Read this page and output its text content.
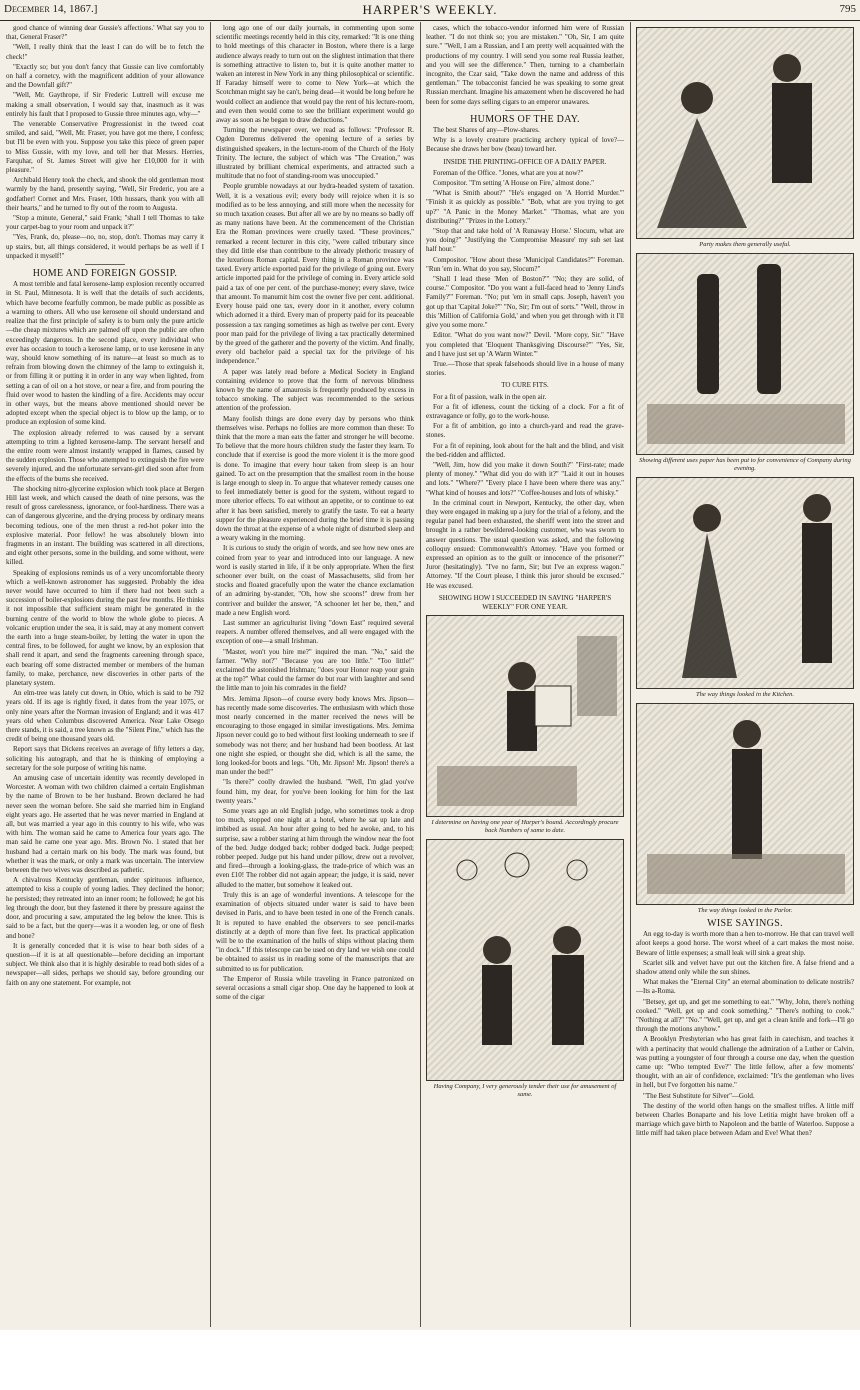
December 14, 1867.]	HARPER'S WEEKLY.	795

good chance of winning dear Gussie's affections.' What say you to that, General Fraser?"

"Well, I really think that the least I can do will be to fetch the check!"

"Exactly so; but you don't fancy that Gussie can live comfortably on half a cornetcy, with the magnificent addition of your allowance and the Downfall gift?"

"Well, Mr. Gaythrope, if Sir Frederic Luttrell will excuse me making a small observation, I would say that, inasmuch as it was entirely his fault that I proposed to Gussie three minutes ago, why—"

The venerable Conservative Progressionist in the tweed coat smiled, and said, "Well, Mr. Fraser, you have got me there, I confess; but I'll be even with you. Suppose you take this piece of green paper to Miss Gussie, with my love, and tell her that Messrs. Herries, Farquhar, of St. James Street will give her £10,000 for it with pleasure."

Archibald Henry took the check, and shook the old gentleman most warmly by the hand, presently saying, "Well, Sir Frederic, you are a godfather! Cornet and Mrs. Fraser, 10th hussars, thank you with all their hearts," and he turned to fly out of the room to Augusta.

"Stop a minute, General," said Frank; "shall I tell Thomas to take your carpet-bag to your room and unpack it?"

"Yes, Frank, do, please—no, no, stop, don't. Thomas may carry it up stairs, but, all things considered, it would perhaps be as well if I unpacked it myself!"

HOME AND FOREIGN GOSSIP.

A most terrible and fatal kerosene-lamp explosion recently occurred in St. Paul, Minnesota. It is well that the details of such accidents, which have become fearfully common, be made public as possible as a warning to others. All who use kerosene oil should understand and realize that the first principle of safety is to burn only the pure article—the cheap mixtures which are palmed off upon the public are often exceedingly dangerous. In the second place, every individual who ever has occasion to touch a kerosene lamp, or to use kerosene in any way, should know something of its nature—at least so much as to refrain from blowing down the chimney of the lamp to extinguish it, or from filling it or putting it in order in any way when lighted, from setting a can of oil on a hot stove, or near a fire, and from pouring the fluid over wood to hasten the kindling of a fire. Accidents may occur in other ways, but the means above mentioned should never be adopted except when the special object is to blow up the lamp, or to produce an explosion of some kind.

The explosion already referred to was caused by a servant attempting to trim a lighted kerosene-lamp. The servant herself and the entire room were almost instantly wrapped in flames, caused by the sudden explosion. Those who attempted to extinguish the fire were severely injured, and the unfortunate servant-girl died soon after from the effects of the burns she received.

The shocking nitro-glycerine explosion which took place at Bergen Hill last week, and which caused the death of nine persons, was the result of gross carelessness, ignorance, or fool-hardiness. There was a can of dangerous glycerine, and the drying process by ordinary means becoming tedious, one of the men thrust a red-hot poker into the explosive material. Poor fellow! he was absolutely blown into fragments in an instant. The building was scattered in all directions, and eight other persons, some in the building, and some without, were killed.

Speaking of explosions reminds us of a very uncomfortable theory which a well-known astronomer has suggested. Probably the idea never would have occurred to him if there had not been such a succession of boiler-explosions during the past few months. He thinks it not impossible that sufficient steam might be generated in the burning centre of the world to blow the whole globe to pieces. A volcanic eruption under the sea, it is said, may at any moment convert the earth into a huge steam-boiler, by letting the water in upon the central fires, to be followed, for aught we know, by an explosion that shall rend it apart, and send the fragments careening through space, each bearing off some distracted member or members of the human family, to make, perchance, new discoveries in other parts of the planetary system.

An elm-tree was lately cut down, in Ohio, which is said to be 792 years old. If its age is rightly fixed, it dates from the year 1075, or only nine years after the Norman invasion of England; and it was 417 years old when Columbus discovered America. Near Lake Otsego there stands, it is said, a tree known as the "Silent Pine," which has the credit of being one thousand years old.

Report says that Dickens receives an average of fifty letters a day, soliciting his autograph, and that he is thinking of employing a secretary for the sole purpose of writing his name.

An amusing case of uncertain identity was recently developed in Worcester. A woman with two children claimed a certain Englishman by the name of Brown to be her husband. Brown declared he had never seen the woman before. She said she married him in England eight years ago. He asserted that he was never married in England at all, but was married a year ago in this country to his wife, who was with him. The woman said he came to America four years ago. The man said he came one year ago. Mrs. Brown No. 1 stated that her husband had a certain mark on his body. The mark was found, but whether it was the mark, or only a mark was uncertain. The interview between the two wives was described as pathetic.

A chivalrous Kentucky gentleman, under spirituous influence, attempted to kiss a couple of young ladies. They declined the honor; he persisted; they retreated into an inner room; he followed; he got his leg through the door, but they fastened it there by pressure against the door, and procuring a saw, amputated the leg below the knee. This is said to be a fact, but the query—was it a wooden leg, or one of flesh and bone?

It is generally conceded that it is wise to hear both sides of a question—if it is at all questionable—before deciding an important subject. We think also that it is highly desirable to read both sides of a newspaper—all sides, perhaps we should say, before grounding our faith on any one statement. For example, not

long ago one of our daily journals, in commenting upon some scientific meetings recently held in this city, remarked: "It is one thing to hold meetings of this character in Boston, where there is a large audience always ready to turn out on the slightest intimation that there is something attractive to listen to, but it is quite another matter to waken an interest in New York in any thing philosophical or scientific. If Faraday himself were to come to New York—at which the Scotchman might say he can't, being dead—it would be long before he would collect an audience that would pay the rent of his lecture-room, and even then would come to see the brilliant experiment would go away as soon as he began to draw deductions."

Turning the newspaper over, we read as follows: "Professor R. Ogden Doremus delivered the opening lecture of a series by distinguished speakers, in the lecture-room of the Church of the Holy Trinity. The lecture, the subject of which was "The Creation," was illustrated by brilliant chemical experiments, and attracted such a multitude that no foot of standing-room was unoccupied."

People grumble nowadays at our hydra-headed system of taxation. Well, it is a vexatious evil; every body will rejoice when it is so modified as to be less annoying, and still more when the necessity for so much taxation ceases. But after all we are by no means so badly off as many nations have been. At the commencement of the Christian Era the Roman provinces were cruelly taxed. "These provinces," remarked a recent lecturer in this city, "were called tributary since they did little else than contribute to the already plethoric treasury of the luxurious Roman capital. Every thing in a Roman province was taxed. Every article exported paid for the privilege of going out. Every article imported paid for the privilege of coming in. Every article sold paid a tax of one per cent. of the purchase-money; every slave, twice that amount. To manumit him cost the owner five per cent. additional. Every house paid one tax, every door in it another, every column which adorned it a third. Every man of property paid for its peaceable possession a tax ranging sometimes as high as twelve per cent. Every poor man paid for the privilege of living a tax practically determined by the greed of the gatherer and the poverty of the victim. And finally, every old bachelor paid a special tax for the privilege of his independence."

A paper was lately read before a Medical Society in England containing evidence to prove that the form of nervous blindness known by the name of amaurosis is frequently produced by excess in tobacco smoking. The subject was recommended to the serious attention of the profession.

Many foolish things are done every day by persons who think themselves wise. Perhaps no follies are more common than these: To think that the more a man eats the fatter and stronger he will become. To believe that the more hours children study the faster they learn. To conclude that if exercise is good the more violent it is the more good is done. To imagine that every hour taken from sleep is an hour gained. To act on the presumption that the smallest room in the house is large enough to sleep in. To argue that whatever remedy causes one to feel immediately better is good for the system, without regard to more ulterior effects. To eat without an appetite, or to continue to eat after it has been satisfied, merely to gratify the taste. To eat a hearty supper for the pleasure experienced during the brief time it is passing down the throat at the expense of a whole night of disturbed sleep and a weary waking in the morning.

It is curious to study the origin of words, and see how new ones are coined from year to year and introduced into our language. A new word is easily started in life, if it be only appropriate. When the first schooner ever built, on the coast of Massachusetts, slid from her stocks and floated gracefully upon the water the chance exclamation of an admiring by-stander, "Oh, how she scoons!" drew from her contriver and builder the answer, "A schooner let her be, then," and made a new English word.

Last summer an agriculturist living "down East" required several reapers. A number offered themselves, and all were engaged with the exception of one—a small Irishman.

"Master, won't you hire me?" inquired the man. "No," said the farmer. "Why not?" "Because you are too little." "Too little!" exclaimed the astonished Irishman; "does your Honor reap your grain at the top?" What could the farmer do but roar with laughter and send the little man to join his comrades in the field?

Mrs. Jemima Jipson—of course every body knows Mrs. Jipson—has recently made some discoveries. The enthusiasm with which those most nearly concerned in the matter received the news will be encouraging to those engaged in similar investigations. Mrs. Jemima Jipson never could go to bed without first looking underneath to see if somebody was not there; and her husband had been bootless. At last one night she espied, or thought she did, which is all the same, the long looked-for boots and legs. "Oh, Mr. Jipson! Mr. Jipson! there's a man under the bed!"

"Is there?" coolly drawled the husband. "Well, I'm glad you've found him, my dear, for you've been looking for him for the last twenty years."

Some years ago an old English judge, who sometimes took a drop too much, stopped one night at a hotel, where he sat up late and imbibed as usual. An hour after going to bed he awoke, and, to his surprise, saw a robber staring at him through the window near the foot of the bed. Judge dodged back; robber dodged back. Judge peeped; robber peeped. Judge put his hand under pillow, drew out a revolver, and fired—through a looking-glass, the trade-price of which was an even £10! The robber did not again appear; the judge, it is said, never alluded to the matter, but somehow it leaked out.

Truly this is an age of wonderful inventions. A telescope for the examination of objects situated under water is said to have been devised in Paris, and to have been tested in one of the French canals. It is reputed to have enabled the observers to see pencil-marks distinctly at a depth of more than five feet. Its practical application will be to the examination of the hulls of ships without placing them "in dock." If this telescope can be used on dry land we wish one could be obtained to assist us in reading some of the manuscripts that are submitted to us for publication.

The Emperor of Russia while traveling in France patronized on several occasions a small cigar shop. One day he happened to look at some of the cigar

cases, which the tobacco-vendor informed him were of Russian leather. "I do not think so; you are mistaken." "Oh, Sir, I am quite sure." "Well, I am a Russian, and I am pretty well acquainted with the productions of my country. I will send you some real Russia leather, and you will see the difference." Then, turning to a chamberlain incognito, the Czar said, "Take down the name and address of this gentleman." The tobacconist fancied he was speaking to some great Russian merchant. Imagine his amazement when he discovered he had been for some days selling cigars to an emperor unawares.

HUMORS OF THE DAY.

The best Shares of any—Plow-shares.

Why is a lovely creature practicing archery typical of love?—Because she draws her bow (beau) toward her.

INSIDE THE PRINTING-OFFICE OF A DAILY PAPER.

Foreman of the Office. "Jones, what are you at now?"

Compositor. "I'm setting 'A House on Fire,' almost done."

"What is Smith about?" "He's engaged on 'A Horrid Murder.'" "Finish it as quickly as possible." "Bob, what are you trying to get up?" "A Panic in the Money Market." "Thomas, what are you distributing?" "Prizes in the Lottery."

"Stop that and take hold of 'A Runaway Horse.' Slocum, what are you doing?" "Justifying the 'Compromise Measure' my sub set last half hour."

Compositor. "How about these 'Municipal Candidates?'" Foreman. "Run 'em in. What do you say, Slocum?"

"Shall I lead these 'Men of Boston?'" "No; they are solid, of course." Compositor. "Do you want a full-faced head to 'Jenny Lind's Family?'" Foreman. "No; put 'em in small caps. Joseph, haven't you got up that 'Capital Joke?'" "No, Sir; I'm out of sorts." "Well, throw in this 'Million of California Gold,' and when you get through with it I'll give you some more."

Editor. "What do you want now?" Devil. "More copy, Sir." "Have you completed that 'Eloquent Thanksgiving Discourse?'" "Yes, Sir, and I have just set up 'A Warm Winter.'"

True.—Those that speak falsehoods should live in a house of many stories.

TO CURE FITS.

For a fit of passion, walk in the open air.

For a fit of idleness, count the ticking of a clock. For a fit of extravagance or folly, go to the work-house.

For a fit of ambition, go into a church-yard and read the grave-stones.

For a fit of repining, look about for the halt and the blind, and visit the bed-ridden and afflicted.

"Well, Jim, how did you make it down South?" "First-rate; made plenty of money." "What did you do with it?" "Laid it out in houses and lots." "Where?" "Every place I have been where there was any." "What kind of houses and lots?" "Coffee-houses and lots of whisky."

In the criminal court in Newport, Kentucky, the other day, when they were engaged in making up a jury for the trial of a felony, and the regular panel had been exhausted, the sheriff went into the street and brought in a rather bewildered-looking customer, who was sworn to answer questions. The usual question was asked, and the following colloquy ensued: Commonwealth's Attorney. "Have you formed or expressed an opinion as to the guilt or innocence of the prisoner?" Juror (hesitatingly). "I've no farm, Sir; but I've an express wagon." Attorney. "If the Court please, I think this juror should be excused." He was excused.

SHOWING HOW I SUCCEEDED IN SAVING "HARPER'S WEEKLY" FOR ONE YEAR.
I determine on having one year of Harper's bound. Accordingly procure back Numbers of same to date.
Having Company, I very generously tender their use for amusement of same.
Party makes them generally useful.
Showing different uses paper has been put to for convenience of Company during evening.
The way things looked in the Kitchen.
The way things looked in the Parlor.
WISE SAYINGS.

An egg to-day is worth more than a hen to-morrow. He that can travel well afoot keeps a good horse. The worst wheel of a cart makes the most noise. Beware of little expenses; a small leak will sink a great ship.

Scarlet silk and velvet have put out the kitchen fire. A false friend and a shadow attend only while the sun shines.

What makes the "Eternal City" an eternal abomination to delicate nostrils?—Its a-Roma.

"Betsey, get up, and get me something to eat." "Why, John, there's nothing cooked." "Well, get up and cook something." "There's nothing to cook." "Nothing at all?" "No." "Well, get up, and get a clean knife and fork—I'll go through the motions anyhow."

A Brooklyn Presbyterian who has great faith in catechism, and teaches it with a pertinacity that would challenge the admiration of a Luther or Calvin, was putting a youngster of four through a course one day, when the question came up: "Who tempted Eve?" The little fellow, after a few moments' thought, with an air of confidence, exclaimed: "It's the gentleman who lives in hell, but I've forgotten his name."

"The Best Substitute for Silver"—Gold.

The destiny of the world often hangs on the smallest trifles. A little miff between Charles Bonaparte and his love Letitia might have broken off a marriage which gave birth to Napoleon and the battle of Waterloo. Suppose a little miff had taken place between Adam and Eve! What then?
